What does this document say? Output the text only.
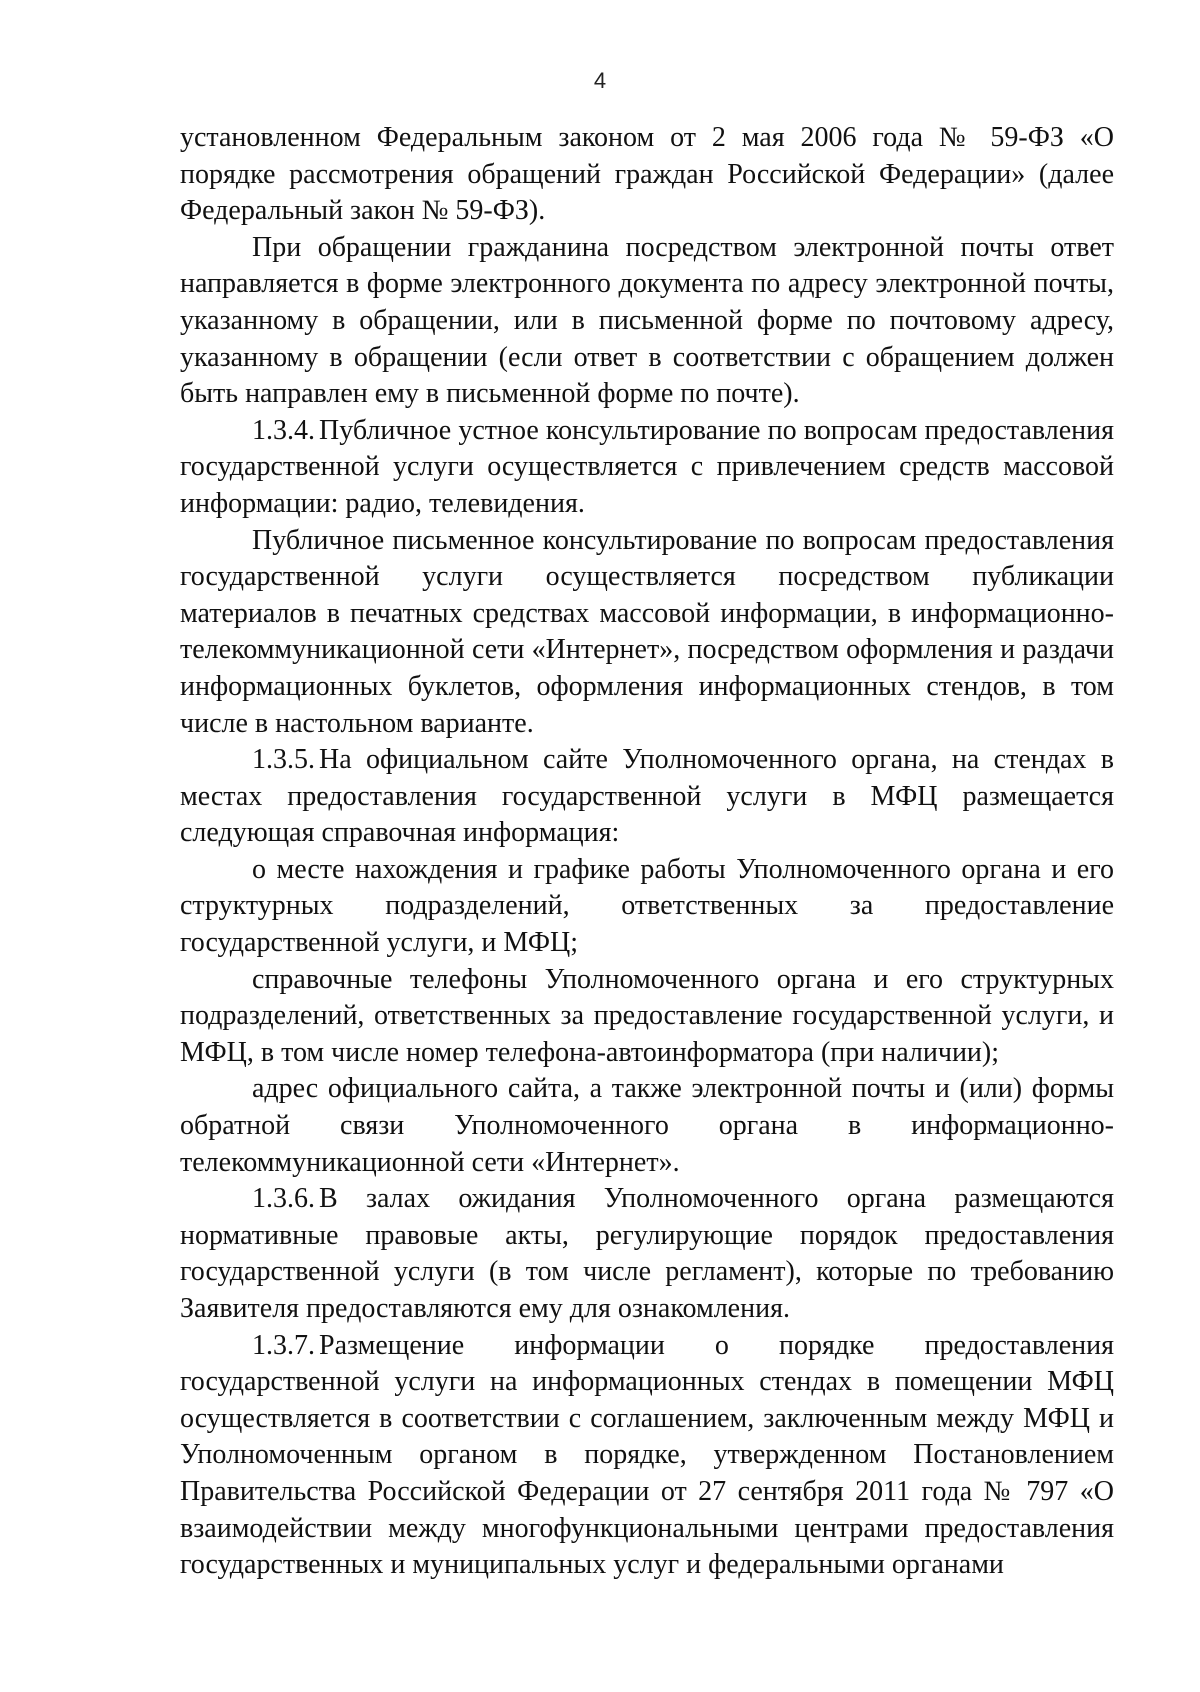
4

установленном Федеральным законом от 2 мая 2006 года № 59-ФЗ «О порядке рассмотрения обращений граждан Российской Федерации» (далее Федеральный закон № 59-ФЗ).

При обращении гражданина посредством электронной почты ответ направляется в форме электронного документа по адресу электронной почты, указанному в обращении, или в письменной форме по почтовому адресу, указанному в обращении (если ответ в соответствии с обращением должен быть направлен ему в письменной форме по почте).

1.3.4. Публичное устное консультирование по вопросам предоставления государственной услуги осуществляется с привлечением средств массовой информации: радио, телевидения.

Публичное письменное консультирование по вопросам предоставления государственной услуги осуществляется посредством публикации материалов в печатных средствах массовой информации, в информационно-телекоммуникационной сети «Интернет», посредством оформления и раздачи информационных буклетов, оформления информационных стендов, в том числе в настольном варианте.

1.3.5. На официальном сайте Уполномоченного органа, на стендах в местах предоставления государственной услуги в МФЦ размещается следующая справочная информация:

о месте нахождения и графике работы Уполномоченного органа и его структурных подразделений, ответственных за предоставление государственной услуги, и МФЦ;

справочные телефоны Уполномоченного органа и его структурных подразделений, ответственных за предоставление государственной услуги, и МФЦ, в том числе номер телефона-автоинформатора (при наличии);

адрес официального сайта, а также электронной почты и (или) формы обратной связи Уполномоченного органа в информационно-телекоммуникационной сети «Интернет».

1.3.6. В залах ожидания Уполномоченного органа размещаются нормативные правовые акты, регулирующие порядок предоставления государственной услуги (в том числе регламент), которые по требованию Заявителя предоставляются ему для ознакомления.

1.3.7. Размещение информации о порядке предоставления государственной услуги на информационных стендах в помещении МФЦ осуществляется в соответствии с соглашением, заключенным между МФЦ и Уполномоченным органом в порядке, утвержденном Постановлением Правительства Российской Федерации от 27 сентября 2011 года № 797 «О взаимодействии между многофункциональными центрами предоставления государственных и муниципальных услуг и федеральными органами
